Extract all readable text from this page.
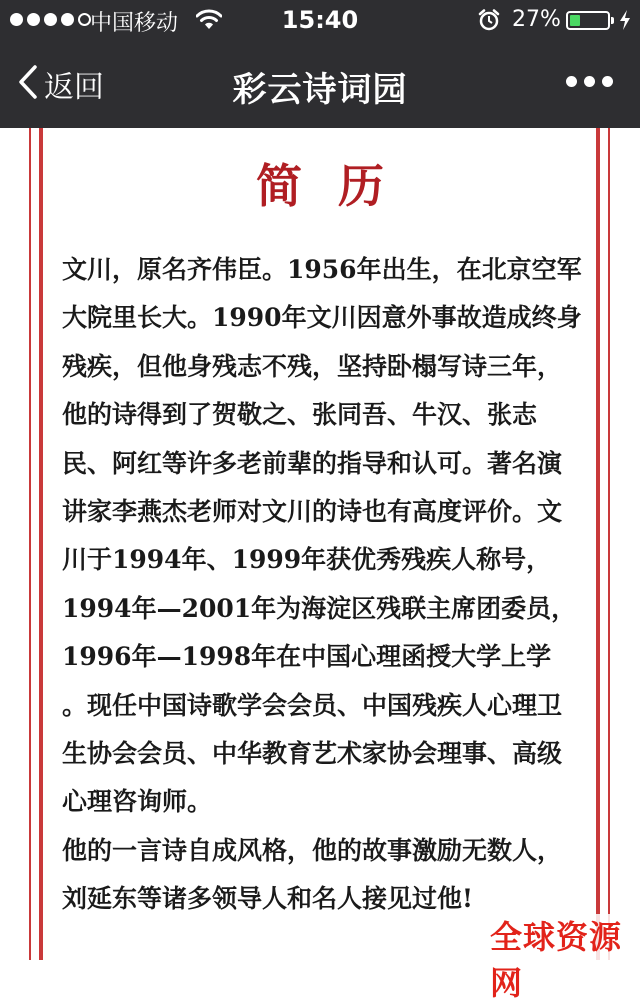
中国移动	15:40	27%
返回	彩云诗词园
简历

文川，原名齐伟臣。1956年出生，在北京空军大院里长大。1990年文川因意外事故造成终身残疾，但他身残志不残，坚持卧榻写诗三年，他的诗得到了贺敬之、张同吾、牛汉、张志民、阿红等许多老前辈的指导和认可。著名演讲家李燕杰老师对文川的诗也有高度评价。文川于1994年、1999年获优秀残疾人称号，1994年—2001年为海淀区残联主席团委员， 1996年—1998年在中国心理函授大学上学 。现任中国诗歌学会会员、中国残疾人心理卫生协会会员、中华教育艺术家协会理事、高级心理咨询师。

他的一言诗自成风格，他的故事激励无数人，刘延东等诸多领导人和名人接见过他!

全球资源网
